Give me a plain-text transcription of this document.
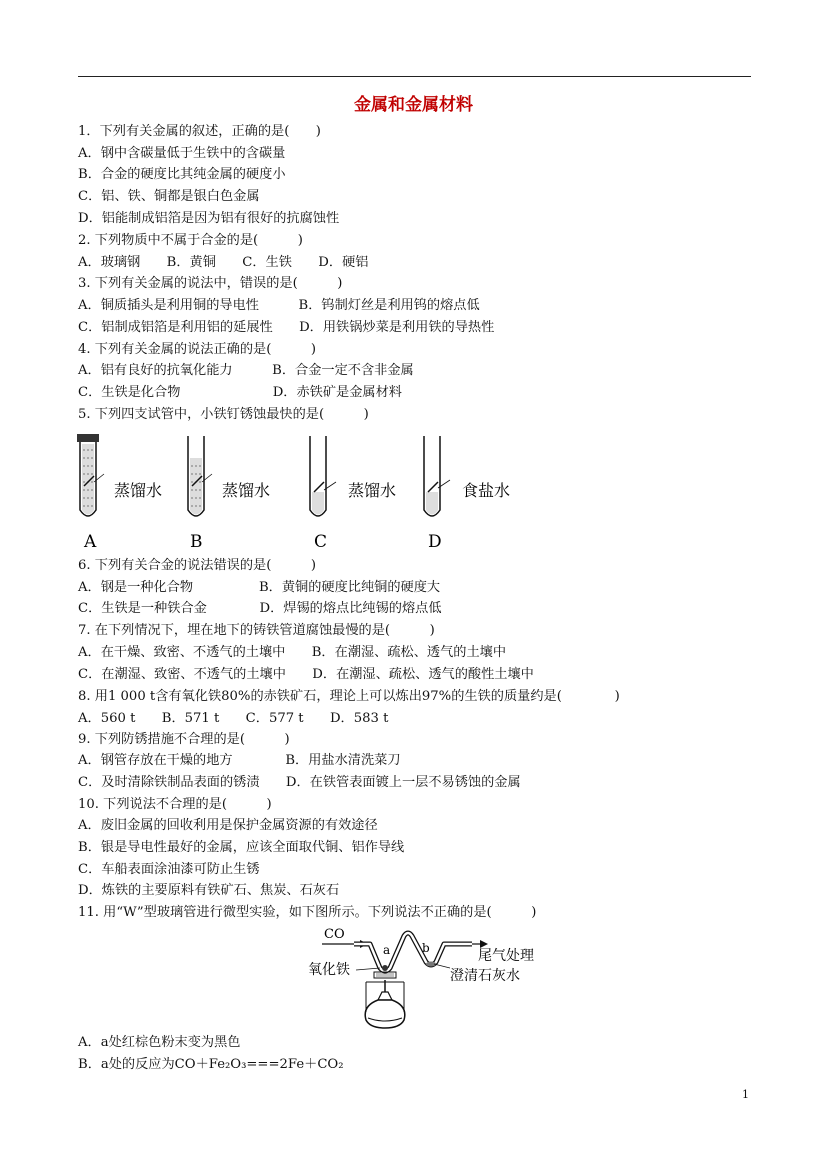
金属和金属材料
1．下列有关金属的叙述，正确的是(　　)
A．钢中含碳量低于生铁中的含碳量
B．合金的硬度比其纯金属的硬度小
C．铝、铁、铜都是银白色金属
D．铝能制成铝箔是因为铝有很好的抗腐蚀性
2. 下列物质中不属于合金的是(　　　)
A．玻璃钢　　B．黄铜　　C．生铁　　D．硬铝
3. 下列有关金属的说法中，错误的是(　　　)
A．铜质插头是利用铜的导电性　　　B．钨制灯丝是利用钨的熔点低
C．铝制成铝箔是利用铝的延展性　　D．用铁锅炒菜是利用铁的导热性
4. 下列有关金属的说法正确的是(　　　)
A．铝有良好的抗氧化能力　　　B．合金一定不含非金属
C．生铁是化合物　　　　　　　D．赤铁矿是金属材料
5. 下列四支试管中，小铁钉锈蚀最快的是(　　　)
蒸馏水
A
蒸馏水
B
蒸馏水
C
食盐水
D
6. 下列有关合金的说法错误的是(　　　)
A．钢是一种化合物　　　　　B．黄铜的硬度比纯铜的硬度大
C．生铁是一种铁合金　　　　D．焊锡的熔点比纯锡的熔点低
7. 在下列情况下，埋在地下的铸铁管道腐蚀最慢的是(　　　)
A．在干燥、致密、不透气的土壤中　　B．在潮湿、疏松、透气的土壤中
C．在潮湿、致密、不透气的土壤中　　D．在潮湿、疏松、透气的酸性土壤中
8. 用1 000 t含有氧化铁80%的赤铁矿石，理论上可以炼出97%的生铁的质量约是(　　　　)
A．560 t　　B．571 t　　C．577 t　　D．583 t
9. 下列防锈措施不合理的是(　　　)
A．钢管存放在干燥的地方　　　　B．用盐水清洗菜刀
C．及时清除铁制品表面的锈渍　　D．在铁管表面镀上一层不易锈蚀的金属
10. 下列说法不合理的是(　　　)
A．废旧金属的回收利用是保护金属资源的有效途径
B．银是导电性最好的金属，应该全面取代铜、铝作导线
C．车船表面涂油漆可防止生锈
D．炼铁的主要原料有铁矿石、焦炭、石灰石
11. 用“W”型玻璃管进行微型实验，如下图所示。下列说法不正确的是(　　　)
CO
a	b
氧化铁
尾气处理
澄清石灰水
A．a处红棕色粉末变为黑色
B．a处的反应为CO＋Fe₂O₃===2Fe＋CO₂
1
